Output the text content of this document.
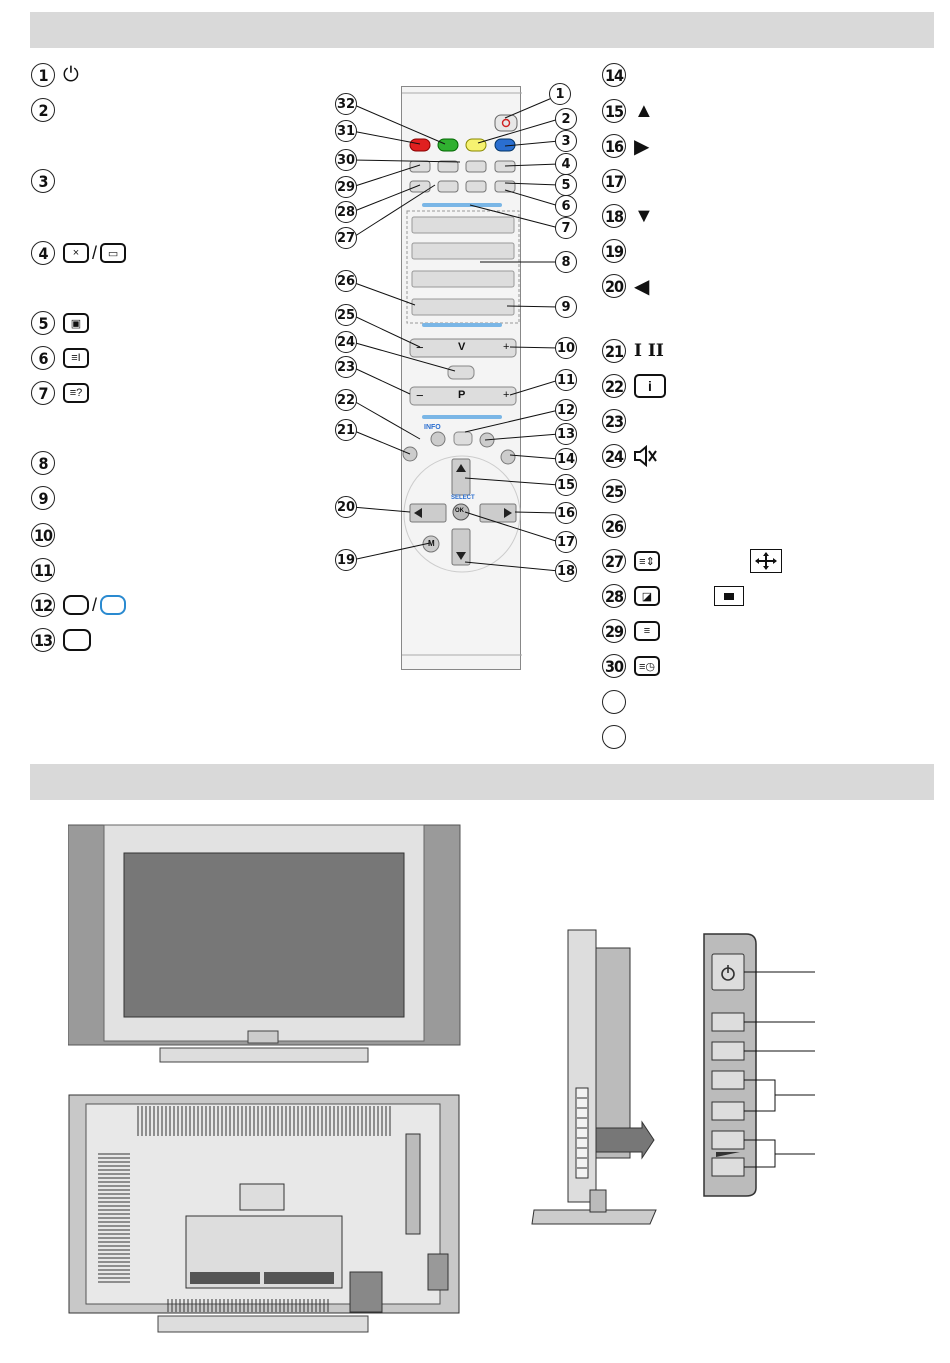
1 ⏻
2
3
4	× / ▭
5	▣
6	≡I
7	≡?
8
9
10
11
12 /
13
14
15 ▲
16 ▶
17
18 ▼
19
20 ◀
21 I II
22	i
23
24
25
26
27	≡⇕
28	◪
29	≡
30	≡◷
−	V	+
−	P	+
INFO
SELECT
OK
M
1
2
3
4
5
6
7
8
9
10
11
12
13
14
15
16
17
18
19
20
21
22
23
24
25
26
27
28
29
30
31
32
